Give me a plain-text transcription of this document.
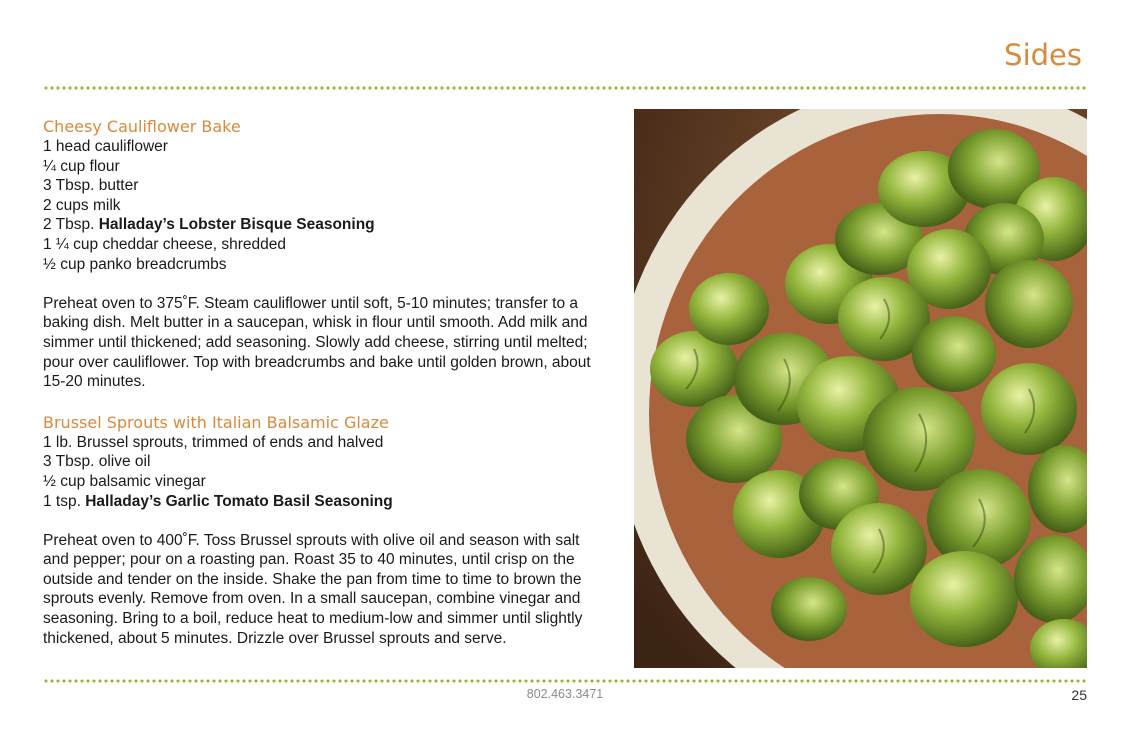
Sides
Cheesy Cauliflower Bake
1 head cauliflower
¼ cup flour
3 Tbsp. butter
2 cups milk
2 Tbsp. Halladay’s Lobster Bisque Seasoning
1 ¼ cup cheddar cheese, shredded
½ cup panko breadcrumbs
Preheat oven to 375˚F. Steam cauliflower until soft, 5-10 minutes; transfer to a baking dish. Melt butter in a saucepan, whisk in flour until smooth. Add milk and simmer until thickened; add seasoning. Slowly add cheese, stirring until melted; pour over cauliflower. Top with breadcrumbs and bake until golden brown, about 15-20 minutes.
Brussel Sprouts with Italian Balsamic Glaze
1 lb. Brussel sprouts, trimmed of ends and halved
3 Tbsp. olive oil
½ cup balsamic vinegar
1 tsp. Halladay’s Garlic Tomato Basil Seasoning
Preheat oven to 400˚F. Toss Brussel sprouts with olive oil and season with salt and pepper; pour on a roasting pan. Roast 35 to 40 minutes, until crisp on the outside and tender on the inside. Shake the pan from time to time to brown the sprouts evenly. Remove from oven. In a small saucepan, combine vinegar and seasoning. Bring to a boil, reduce heat to medium-low and simmer until slightly thickened, about 5 minutes. Drizzle over Brussel sprouts and serve.
802.463.3471	25
